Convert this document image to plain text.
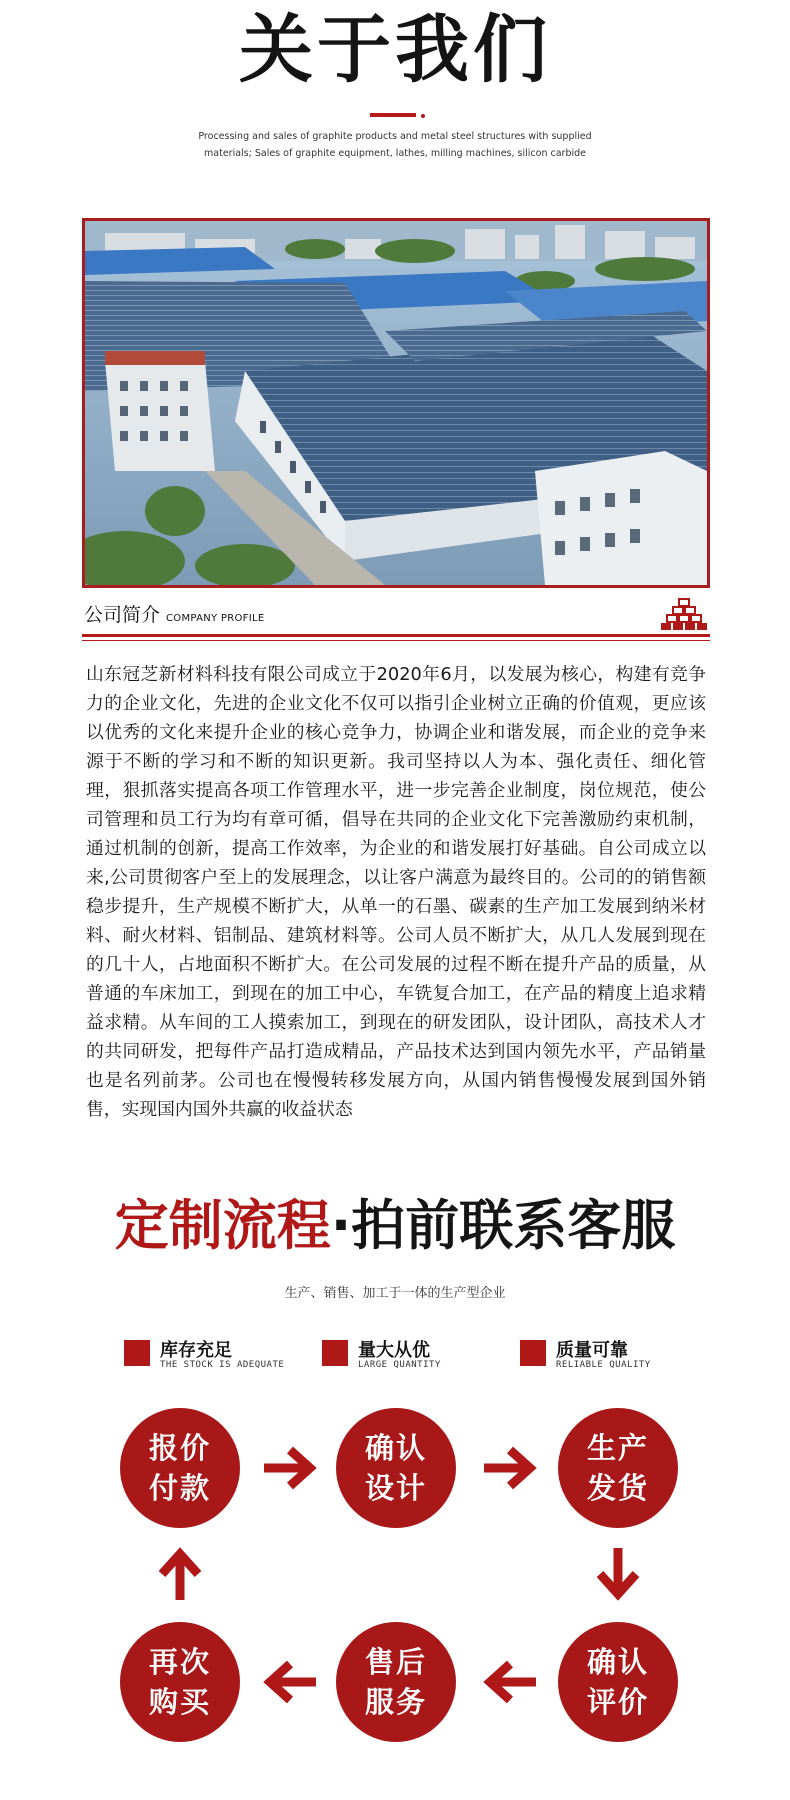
关于我们
Processing and sales of graphite products and metal steel structures with supplied
materials; Sales of graphite equipment, lathes, milling machines, silicon carbide
公司简介 COMPANY PROFILE
山东冠芝新材料科技有限公司成立于2020年6月，以发展为核心，构建有竞争力的企业文化，先进的企业文化不仅可以指引企业树立正确的价值观，更应该以优秀的文化来提升企业的核心竞争力，协调企业和谐发展，而企业的竞争来源于不断的学习和不断的知识更新。我司坚持以人为本、强化责任、细化管理，狠抓落实提高各项工作管理水平，进一步完善企业制度，岗位规范，使公司管理和员工行为均有章可循，倡导在共同的企业文化下完善激励约束机制，通过机制的创新，提高工作效率，为企业的和谐发展打好基础。自公司成立以来,公司贯彻客户至上的发展理念，以让客户满意为最终目的。公司的的销售额稳步提升，生产规模不断扩大，从单一的石墨、碳素的生产加工发展到纳米材料、耐火材料、铝制品、建筑材料等。公司人员不断扩大，从几人发展到现在的几十人，占地面积不断扩大。在公司发展的过程不断在提升产品的质量，从普通的车床加工，到现在的加工中心，车铣复合加工，在产品的精度上追求精益求精。从车间的工人摸索加工，到现在的研发团队，设计团队，高技术人才的共同研发，把每件产品打造成精品，产品技术达到国内领先水平，产品销量也是名列前茅。公司也在慢慢转移发展方向，从国内销售慢慢发展到国外销售，实现国内国外共赢的收益状态
定制流程·拍前联系客服
生产、销售、加工于一体的生产型企业
库存充足
THE STOCK IS ADEQUATE
量大从优
LARGE QUANTITY
质量可靠
RELIABLE QUALITY
报价
付款
确认
设计
生产
发货
确认
评价
售后
服务
再次
购买
